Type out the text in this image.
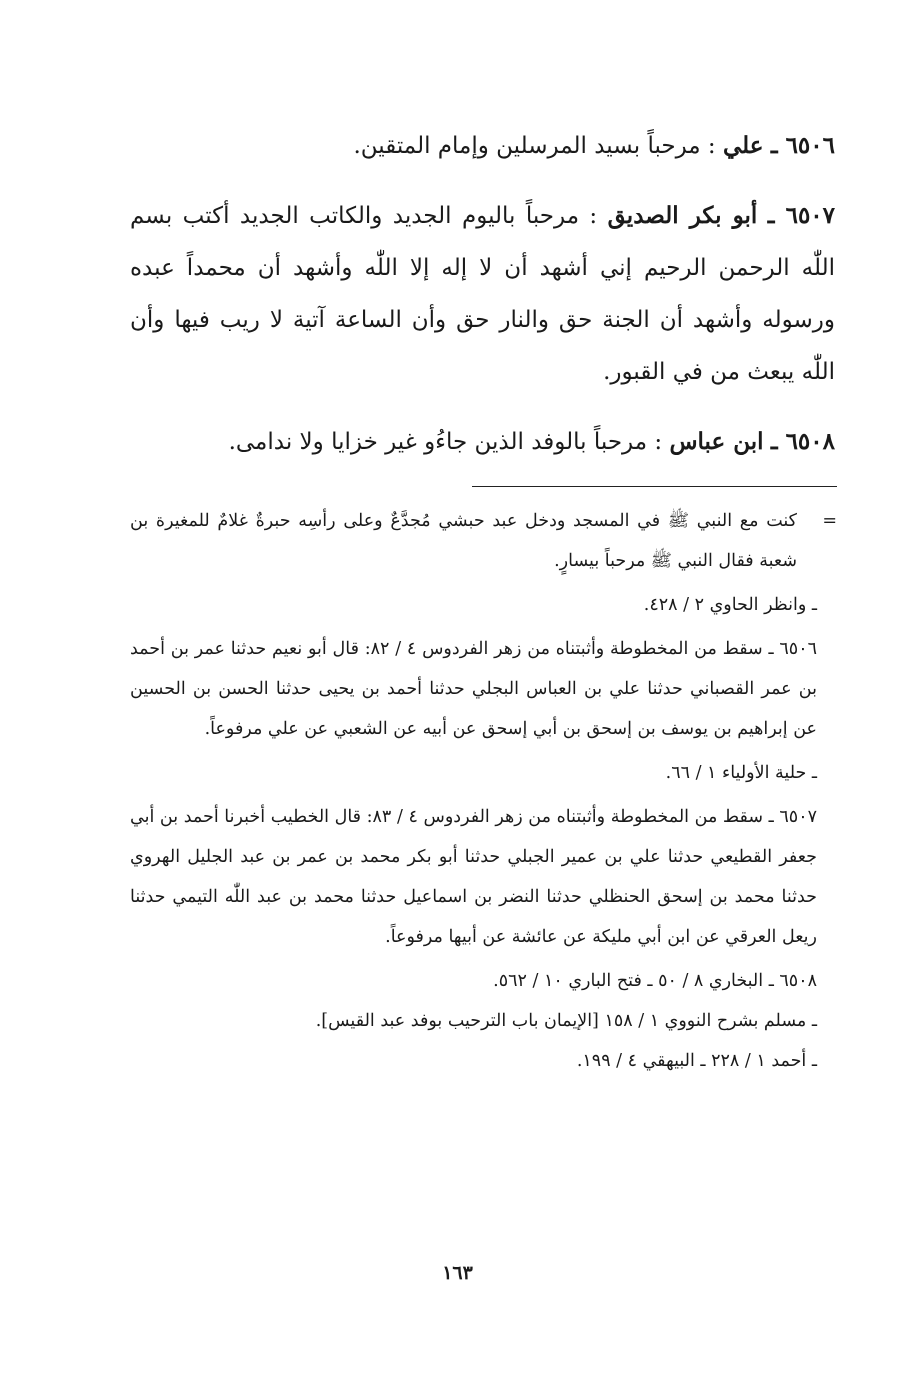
٦٥٠٦ ـ علي : مرحباً بسيد المرسلين وإمام المتقين.

٦٥٠٧ ـ أبو بكر الصديق : مرحباً باليوم الجديد والكاتب الجديد أكتب بسم اللّٰه الرحمن الرحيم إني أشهد أن لا إله إلا اللّٰه وأشهد أن محمداً عبده ورسوله وأشهد أن الجنة حق والنار حق وأن الساعة آتية لا ريب فيها وأن اللّٰه يبعث من في القبور.

٦٥٠٨ ـ ابن عباس : مرحباً بالوفد الذين جاءُو غير خزايا ولا ندامى.

=
كنت مع النبي ﷺ في المسجد ودخل عبد حبشي مُجدَّعٌ وعلى رأسِه حبرةٌ غلامٌ للمغيرة بن شعبة فقال النبي ﷺ مرحباً بيسارٍ.

ـ وانظر الحاوي ٢ / ٤٢٨.

٦٥٠٦ ـ سقط من المخطوطة وأثبتناه من زهر الفردوس ٤ / ٨٢: قال أبو نعيم حدثنا عمر بن أحمد بن عمر القصباني حدثنا علي بن العباس البجلي حدثنا أحمد بن يحيى حدثنا الحسن بن الحسين عن إبراهيم بن يوسف بن إسحق بن أبي إسحق عن أبيه عن الشعبي عن علي مرفوعاً.

ـ حلية الأولياء ١ / ٦٦.

٦٥٠٧ ـ سقط من المخطوطة وأثبتناه من زهر الفردوس ٤ / ٨٣: قال الخطيب أخبرنا أحمد بن أبي جعفر القطيعي حدثنا علي بن عمير الجبلي حدثنا أبو بكر محمد بن عمر بن عبد الجليل الهروي حدثنا محمد بن إسحق الحنظلي حدثنا النضر بن اسماعيل حدثنا محمد بن عبد اللّٰه التيمي حدثنا ريعل العرقي عن ابن أبي مليكة عن عائشة عن أبيها مرفوعاً.

٦٥٠٨ ـ البخاري ٨ / ٥٠ ـ فتح الباري ١٠ / ٥٦٢.

ـ مسلم بشرح النووي ١ / ١٥٨ [الإيمان باب الترحيب بوفد عبد القيس].

ـ أحمد ١ / ٢٢٨ ـ البيهقي ٤ / ١٩٩.

١٦٣
